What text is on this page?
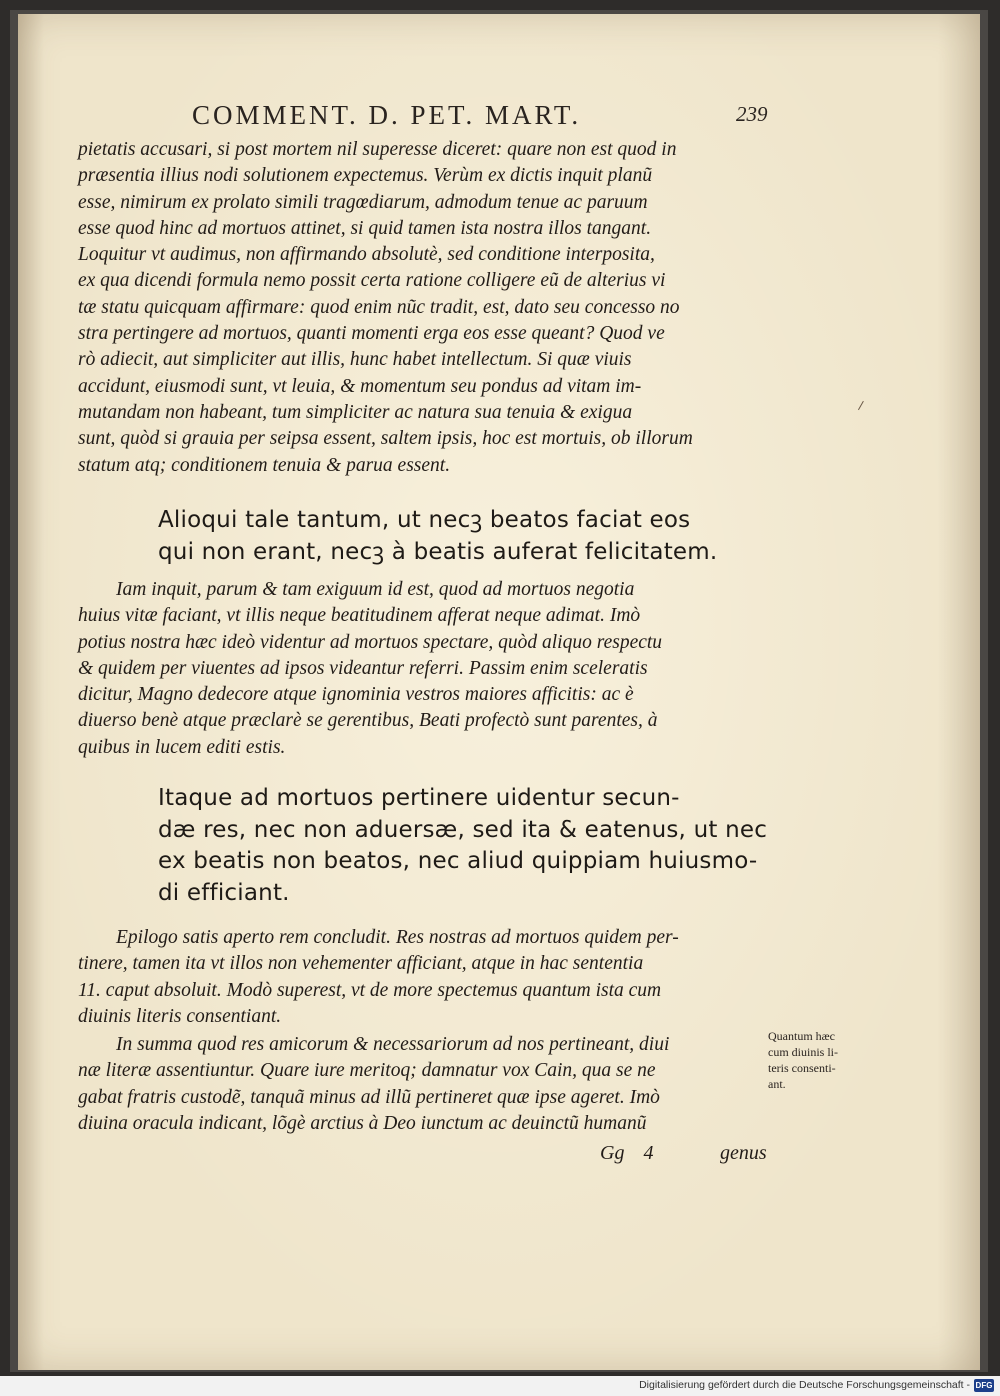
COMMENT. D. PET. MART.	239
pietatis accusari, si post mortem nil superesse diceret: quare non est quod in
præsentia illius nodi solutionem expectemus. Verùm ex dictis inquit planũ
esse, nimirum ex prolato simili tragœdiarum, admodum tenue ac paruum
esse quod hinc ad mortuos attinet, si quid tamen ista nostra illos tangant.
Loquitur vt audimus, non affirmando absolutè, sed conditione interposita,
ex qua dicendi formula nemo possit certa ratione colligere eũ de alterius vi
tæ statu quicquam affirmare: quod enim nũc tradit, est, dato seu concesso no
stra pertingere ad mortuos, quanti momenti erga eos esse queant? Quod ve
rò adiecit, aut simpliciter aut illis, hunc habet intellectum. Si quæ viuis
accidunt, eiusmodi sunt, vt leuia, & momentum seu pondus ad vitam im-
mutandam non habeant, tum simpliciter ac natura sua tenuia & exigua
sunt, quòd si grauia per seipsa essent, saltem ipsis, hoc est mortuis, ob illorum
statum atq; conditionem tenuia & parua essent.
Alioqui tale tantum, ut necꝫ beatos faciat eos
qui non erant, necꝫ à beatis auferat felicitatem.
Iam inquit, parum & tam exiguum id est, quod ad mortuos negotia
huius vitæ faciant, vt illis neque beatitudinem afferat neque adimat. Imò
potius nostra hæc ideò videntur ad mortuos spectare, quòd aliquo respectu
& quidem per viuentes ad ipsos videantur referri. Passim enim sceleratis
dicitur, Magno dedecore atque ignominia vestros maiores afficitis: ac è
diuerso benè atque præclarè se gerentibus, Beati profectò sunt parentes, à
quibus in lucem editi estis.
Itaque ad mortuos pertinere uidentur secun-
dæ res, nec non aduersæ, sed ita & eatenus, ut nec
ex beatis non beatos, nec aliud quippiam huiusmo-
di efficiant.
Epilogo satis aperto rem concludit. Res nostras ad mortuos quidem per-
tinere, tamen ita vt illos non vehementer afficiant, atque in hac sententia
11. caput absoluit. Modò superest, vt de more spectemus quantum ista cum
diuinis literis consentiant.
In summa quod res amicorum & necessariorum ad nos pertineant, diui
næ literæ assentiuntur. Quare iure meritoq; damnatur vox Cain, qua se ne
gabat fratris custodẽ, tanquã minus ad illũ pertineret quæ ipse ageret. Imò
diuina oracula indicant, lõgè arctius à Deo iunctum ac deuinctũ humanũ
Quantum hæc
cum diuinis li-
teris consenti-
ant.
Gg 4	genus
Digitalisierung gefördert durch die Deutsche Forschungsgemeinschaft - DFG
